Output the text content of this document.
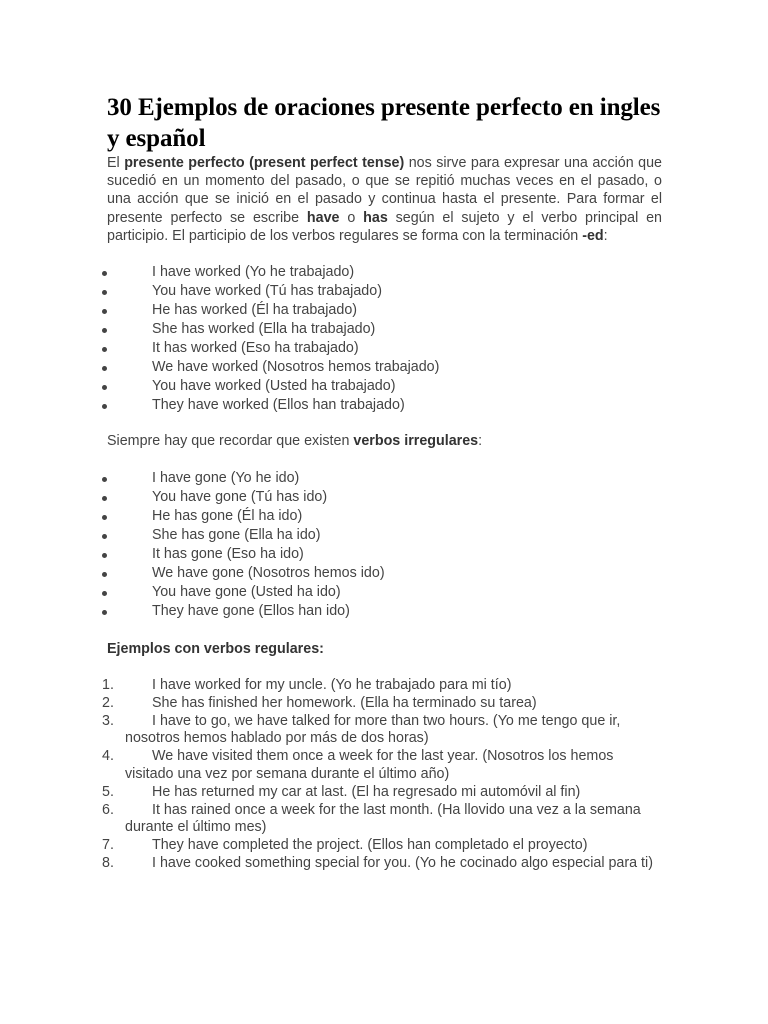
30 Ejemplos de oraciones presente perfecto en ingles y español

El presente perfecto (present perfect tense) nos sirve para expresar una acción que sucedió en un momento del pasado, o que se repitió muchas veces en el pasado, o una acción que se inició en el pasado y continua hasta el presente. Para formar el presente perfecto se escribe have o has según el sujeto y el verbo principal en participio. El participio de los verbos regulares se forma con la terminación -ed:

I have worked (Yo he trabajado)
You have worked (Tú has trabajado)
He has worked (Él ha trabajado)
She has worked (Ella ha trabajado)
It has worked (Eso ha trabajado)
We have worked (Nosotros hemos trabajado)
You have worked (Usted ha trabajado)
They have worked (Ellos han trabajado)

Siempre hay que recordar que existen verbos irregulares:

I have gone (Yo he ido)
You have gone (Tú has ido)
He has gone (Él ha ido)
She has gone (Ella ha ido)
It has gone (Eso ha ido)
We have gone (Nosotros hemos ido)
You have gone (Usted ha ido)
They have gone (Ellos han ido)

Ejemplos con verbos regulares:

1.	I have worked for my uncle. (Yo he trabajado para mi tío)
2.	She has finished her homework. (Ella ha terminado su tarea)
3.	I have to go, we have talked for more than two hours. (Yo me tengo que ir, nosotros hemos hablado por más de dos horas)
4.	We have visited them once a week for the last year. (Nosotros los hemos visitado una vez por semana durante el último año)
5.	He has returned my car at last. (El ha regresado mi automóvil al fin)
6.	It has rained once a week for the last month. (Ha llovido una vez a la semana durante el último mes)
7.	They have completed the project. (Ellos han completado el proyecto)
8.	I have cooked something special for you. (Yo he cocinado algo especial para ti)
